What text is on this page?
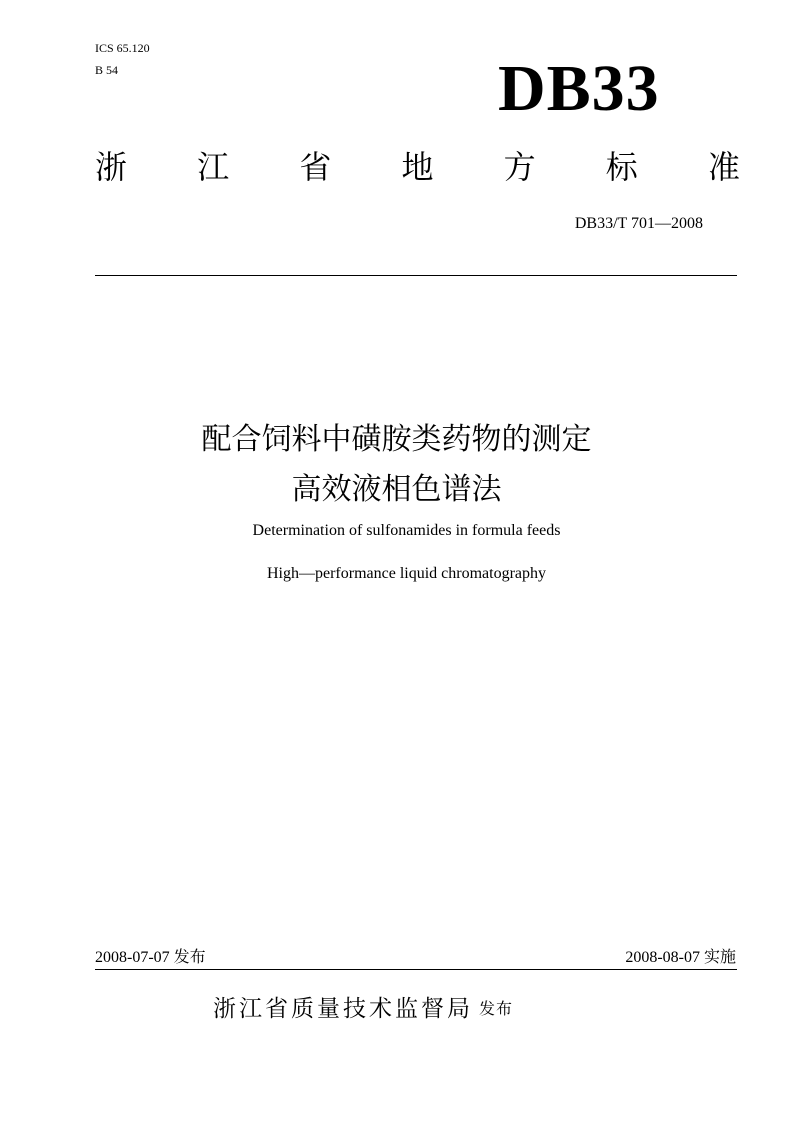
ICS 65.120
B 54	DB33
浙 江 省 地 方 标 准
DB33/T 701—2008
配合饲料中磺胺类药物的测定
高效液相色谱法
Determination of sulfonamides in formula feeds
High—performance liquid chromatography
2008-07-07 发布	2008-08-07 实施
浙江省质量技术监督局 发布
